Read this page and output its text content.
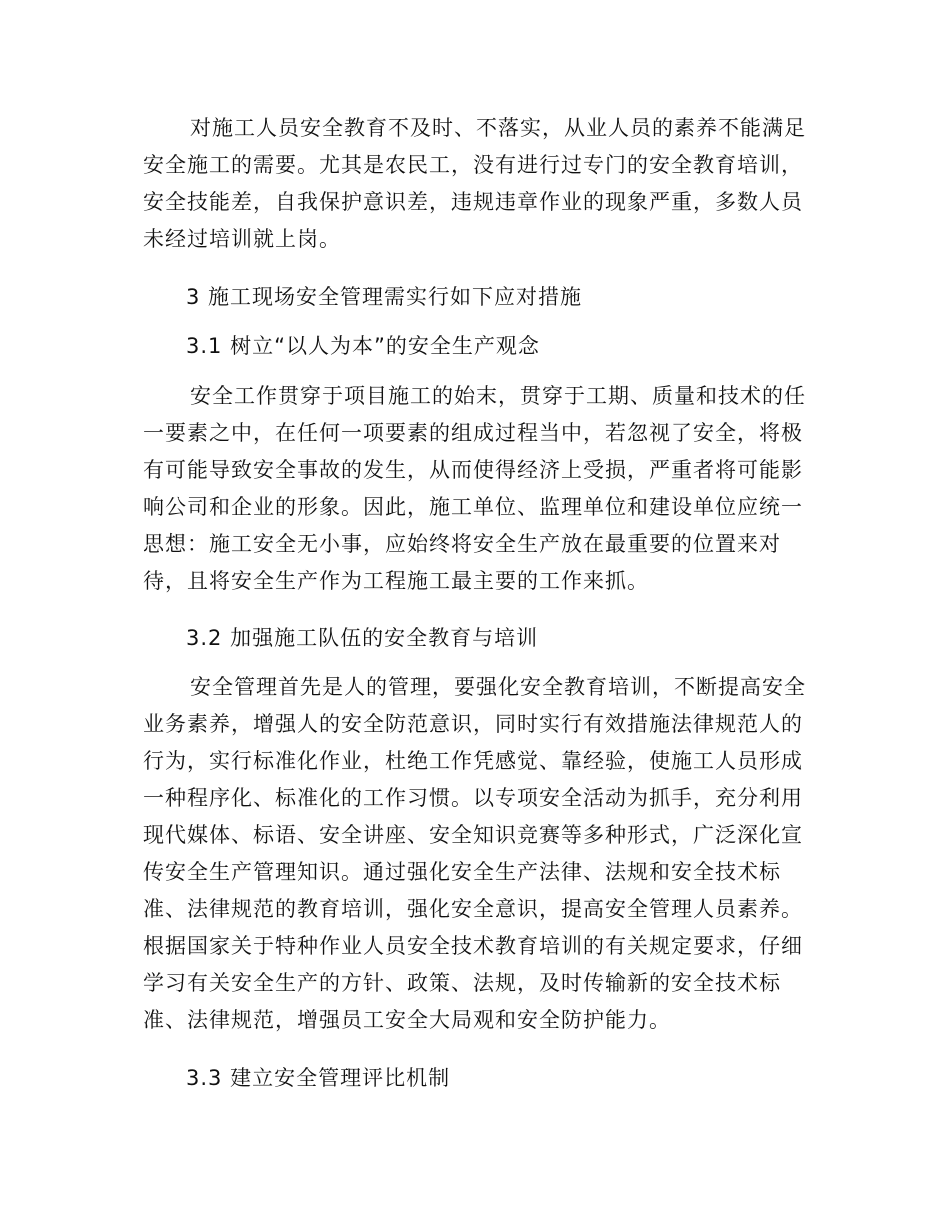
对施工人员安全教育不及时、不落实，从业人员的素养不能满足
安全施工的需要。尤其是农民工，没有进行过专门的安全教育培训，
安全技能差，自我保护意识差，违规违章作业的现象严重，多数人员
未经过培训就上岗。
3 施工现场安全管理需实行如下应对措施
3.1 树立“以人为本”的安全生产观念
安全工作贯穿于项目施工的始末，贯穿于工期、质量和技术的任
一要素之中，在任何一项要素的组成过程当中，若忽视了安全，将极
有可能导致安全事故的发生，从而使得经济上受损，严重者将可能影
响公司和企业的形象。因此，施工单位、监理单位和建设单位应统一
思想：施工安全无小事，应始终将安全生产放在最重要的位置来对
待，且将安全生产作为工程施工最主要的工作来抓。
3.2 加强施工队伍的安全教育与培训
安全管理首先是人的管理，要强化安全教育培训，不断提高安全
业务素养，增强人的安全防范意识，同时实行有效措施法律规范人的
行为，实行标准化作业，杜绝工作凭感觉、靠经验，使施工人员形成
一种程序化、标准化的工作习惯。以专项安全活动为抓手，充分利用
现代媒体、标语、安全讲座、安全知识竞赛等多种形式，广泛深化宣
传安全生产管理知识。通过强化安全生产法律、法规和安全技术标
准、法律规范的教育培训，强化安全意识，提高安全管理人员素养。
根据国家关于特种作业人员安全技术教育培训的有关规定要求，仔细
学习有关安全生产的方针、政策、法规，及时传输新的安全技术标
准、法律规范，增强员工安全大局观和安全防护能力。
3.3 建立安全管理评比机制
